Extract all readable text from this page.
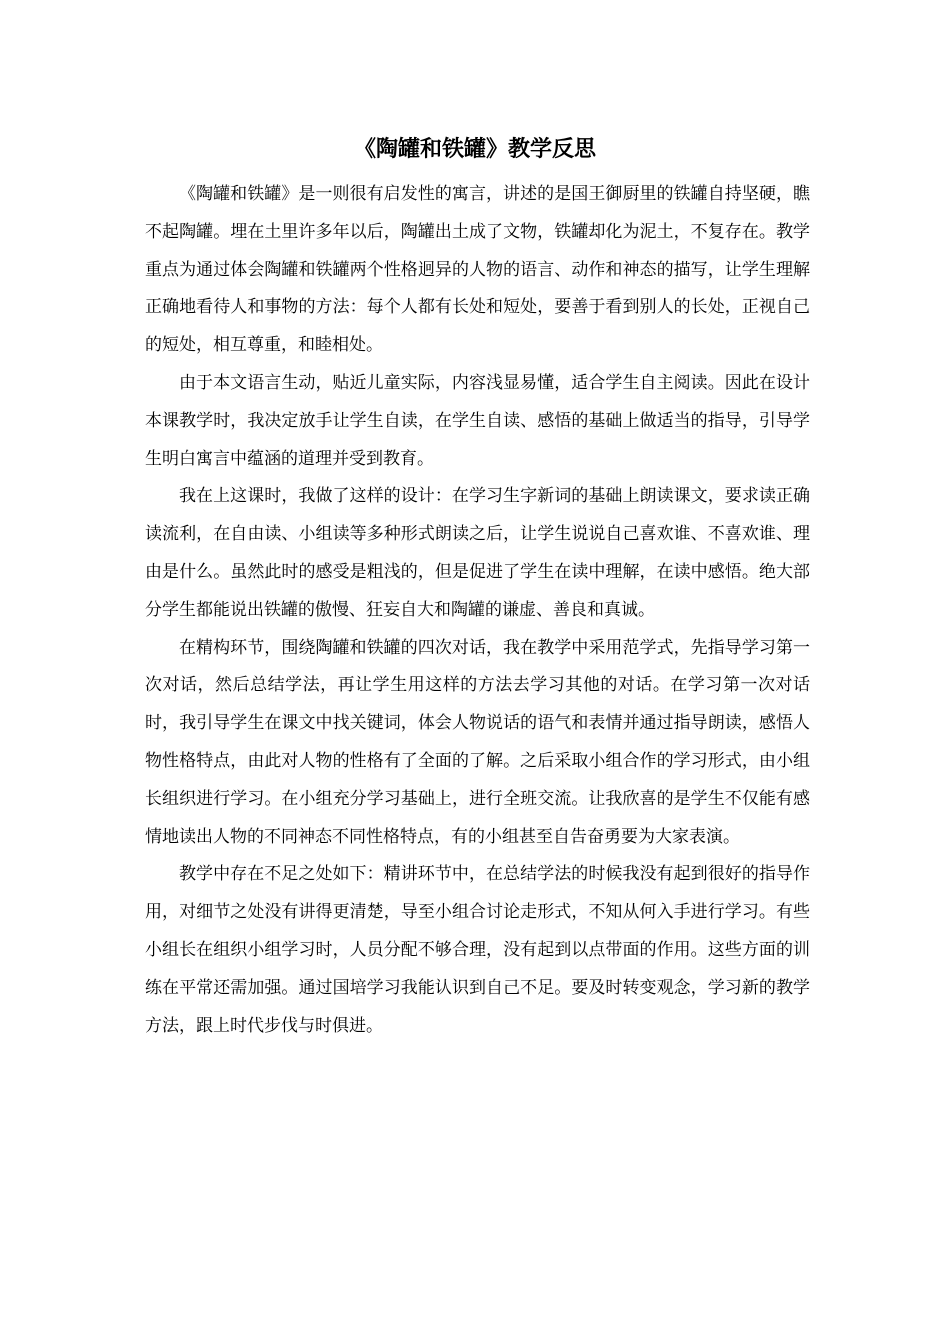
《陶罐和铁罐》教学反思

《陶罐和铁罐》是一则很有启发性的寓言，讲述的是国王御厨里的铁罐自持坚硬，瞧不起陶罐。埋在土里许多年以后，陶罐出土成了文物，铁罐却化为泥土，不复存在。教学重点为通过体会陶罐和铁罐两个性格迥异的人物的语言、动作和神态的描写，让学生理解正确地看待人和事物的方法：每个人都有长处和短处，要善于看到别人的长处，正视自己的短处，相互尊重，和睦相处。

由于本文语言生动，贴近儿童实际，内容浅显易懂，适合学生自主阅读。因此在设计本课教学时，我决定放手让学生自读，在学生自读、感悟的基础上做适当的指导，引导学生明白寓言中蕴涵的道理并受到教育。

我在上这课时，我做了这样的设计：在学习生字新词的基础上朗读课文，要求读正确读流利，在自由读、小组读等多种形式朗读之后，让学生说说自己喜欢谁、不喜欢谁、理由是什么。虽然此时的感受是粗浅的，但是促进了学生在读中理解，在读中感悟。绝大部分学生都能说出铁罐的傲慢、狂妄自大和陶罐的谦虚、善良和真诚。

在精构环节，围绕陶罐和铁罐的四次对话，我在教学中采用范学式，先指导学习第一次对话，然后总结学法，再让学生用这样的方法去学习其他的对话。在学习第一次对话时，我引导学生在课文中找关键词，体会人物说话的语气和表情并通过指导朗读，感悟人物性格特点，由此对人物的性格有了全面的了解。之后采取小组合作的学习形式，由小组长组织进行学习。在小组充分学习基础上，进行全班交流。让我欣喜的是学生不仅能有感情地读出人物的不同神态不同性格特点，有的小组甚至自告奋勇要为大家表演。

教学中存在不足之处如下：精讲环节中，在总结学法的时候我没有起到很好的指导作用，对细节之处没有讲得更清楚，导至小组合讨论走形式，不知从何入手进行学习。有些小组长在组织小组学习时，人员分配不够合理，没有起到以点带面的作用。这些方面的训练在平常还需加强。通过国培学习我能认识到自己不足。要及时转变观念，学习新的教学方法，跟上时代步伐与时俱进。
